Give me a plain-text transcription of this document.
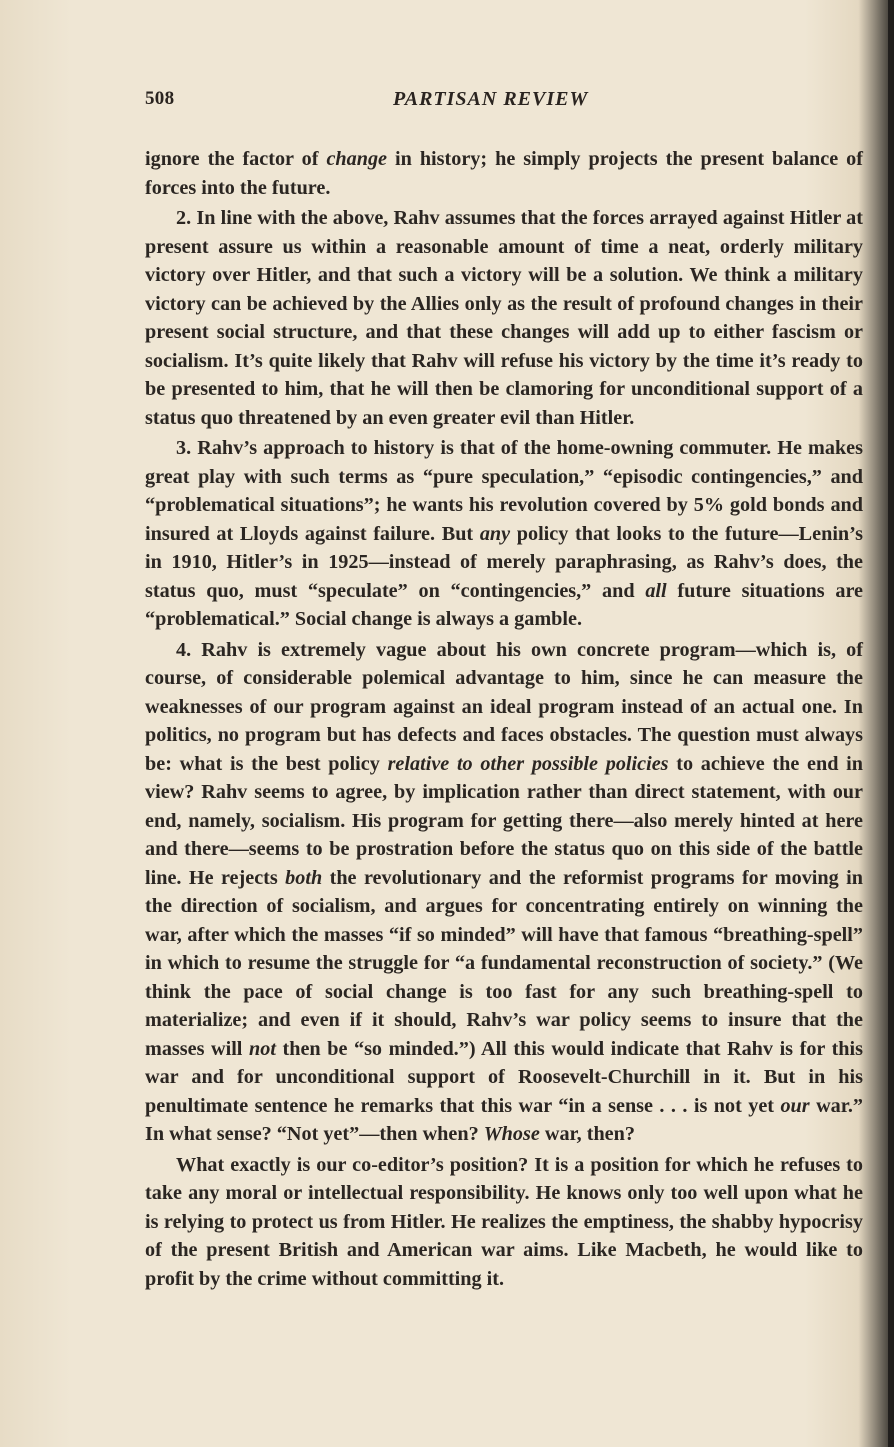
508	PARTISAN REVIEW

ignore the factor of change in history; he simply projects the present balance of forces into the future.

2. In line with the above, Rahv assumes that the forces arrayed against Hitler at present assure us within a reasonable amount of time a neat, orderly military victory over Hitler, and that such a victory will be a solution. We think a military victory can be achieved by the Allies only as the result of profound changes in their present social structure, and that these changes will add up to either fascism or socialism. It’s quite likely that Rahv will refuse his victory by the time it’s ready to be presented to him, that he will then be clamoring for unconditional support of a status quo threatened by an even greater evil than Hitler.

3. Rahv’s approach to history is that of the home-owning commuter. He makes great play with such terms as “pure speculation,” “episodic contingencies,” and “problematical situations”; he wants his revolution covered by 5% gold bonds and insured at Lloyds against failure. But any policy that looks to the future—Lenin’s in 1910, Hitler’s in 1925—instead of merely paraphrasing, as Rahv’s does, the status quo, must “speculate” on “contingencies,” and all future situations are “problematical.” Social change is always a gamble.

4. Rahv is extremely vague about his own concrete program—which is, of course, of considerable polemical advantage to him, since he can measure the weaknesses of our program against an ideal program instead of an actual one. In politics, no program but has defects and faces obstacles. The question must always be: what is the best policy relative to other possible policies to achieve the end in view? Rahv seems to agree, by implication rather than direct statement, with our end, namely, socialism. His program for getting there—also merely hinted at here and there—seems to be prostration before the status quo on this side of the battle line. He rejects both the revolutionary and the reformist programs for moving in the direction of socialism, and argues for concentrating entirely on winning the war, after which the masses “if so minded” will have that famous “breathing-spell” in which to resume the struggle for “a fundamental reconstruction of society.” (We think the pace of social change is too fast for any such breathing-spell to materialize; and even if it should, Rahv’s war policy seems to insure that the masses will not then be “so minded.”) All this would indicate that Rahv is for this war and for unconditional support of Roosevelt-Churchill in it. But in his penultimate sentence he remarks that this war “in a sense . . . is not yet our war.” In what sense? “Not yet”—then when? Whose war, then?

What exactly is our co-editor’s position? It is a position for which he refuses to take any moral or intellectual responsibility. He knows only too well upon what he is relying to protect us from Hitler. He realizes the emptiness, the shabby hypocrisy of the present British and American war aims. Like Macbeth, he would like to profit by the crime without committing it.
